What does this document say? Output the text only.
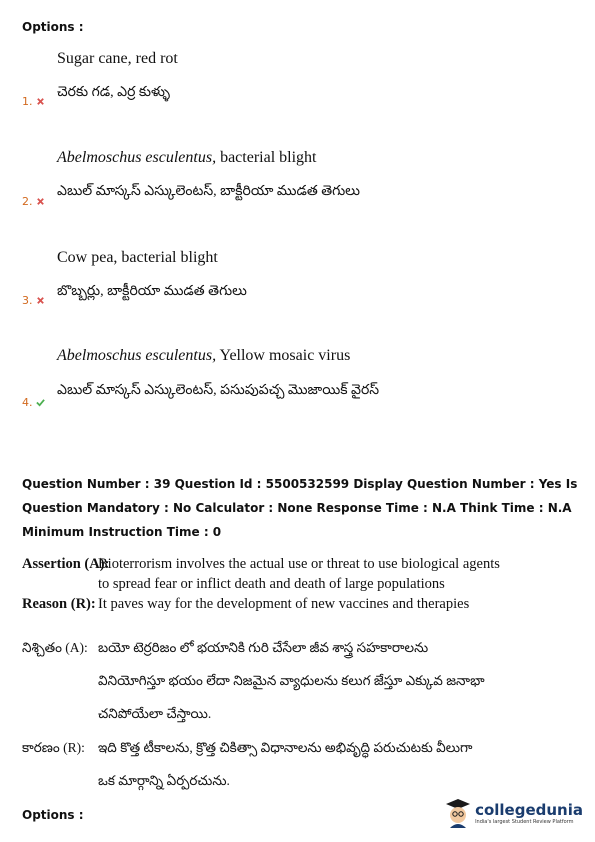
Options :
Sugar cane, red rot
చెరకు గడ, ఎర్ర కుళ్ళు
1.
Abelmoschus esculentus, bacterial blight
ఎబుల్ మాస్కస్ ఎస్కులెంటస్, బాక్టీరియా ముడత తెగులు
2.
Cow pea, bacterial blight
బొబ్బర్లు, బాక్టీరియా ముడత తెగులు
3.
Abelmoschus esculentus, Yellow mosaic virus
ఎబుల్ మాస్కస్ ఎస్కులెంటస్, పసుపుపచ్చ మొజాయిక్ వైరస్
4.
Question Number : 39 Question Id : 5500532599 Display Question Number : Yes Is Question Mandatory : No Calculator : None Response Time : N.A Think Time : N.A Minimum Instruction Time : 0
Assertion (A):
Bioterrorism involves the actual use or threat to use biological agents
to spread fear or inflict death and death of large populations
Reason (R): It paves way for the development of new vaccines and therapies
నిశ్చితం (A): బయో టెర్రరిజం లో భయానికి గురి చేసేలా జీవ శాస్త్ర సహకారాలను
వినియోగిస్తూ భయం లేదా నిజమైన వ్యాధులను కలుగ జేస్తూ ఎక్కువ జనాభా
చనిపోయేలా చేస్తాయి.
కారణం (R): ఇది కొత్త టీకాలను, క్రొత్త చికిత్సా విధానాలను అభివృద్ధి పరుచుటకు వీలుగా
ఒక మార్గాన్ని ఏర్పరచును.
Options :	collegedunia
India's largest Student Review Platform
